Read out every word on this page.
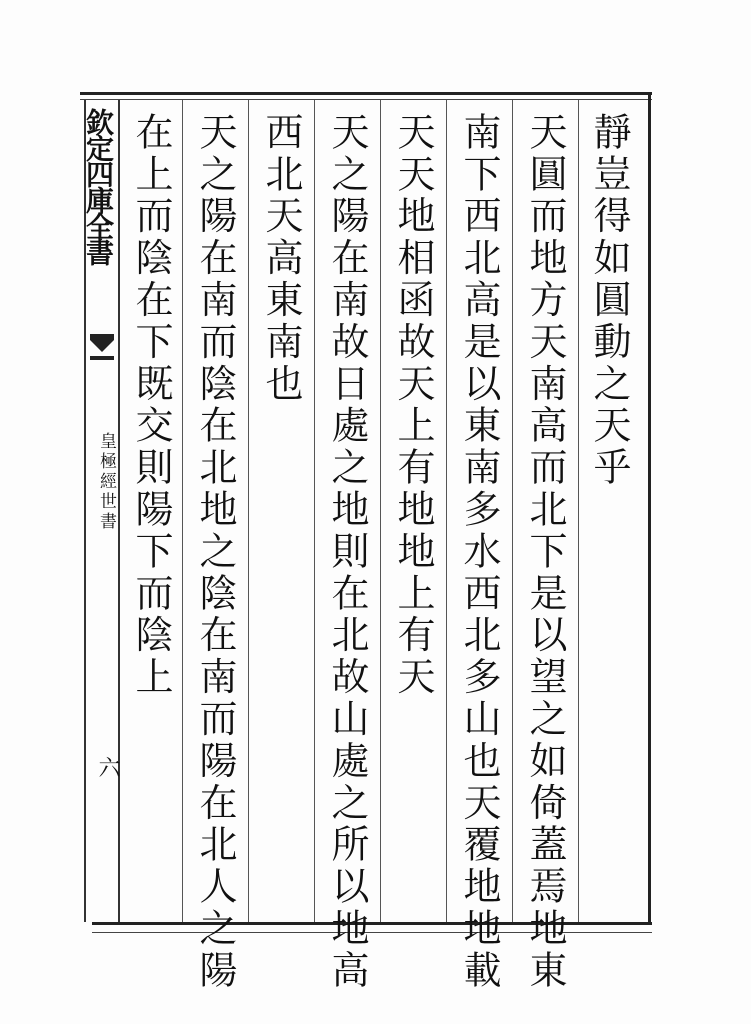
欽定四庫全書
皇極經世書
六
靜豈得如圓動之天乎
天圓而地方天南高而北下是以望之如倚蓋焉地東
南下西北高是以東南多水西北多山也天覆地地載
天天地相函故天上有地地上有天
天之陽在南故日處之地則在北故山處之所以地高
西北天高東南也
天之陽在南而陰在北地之陰在南而陽在北人之陽
在上而陰在下既交則陽下而陰上
